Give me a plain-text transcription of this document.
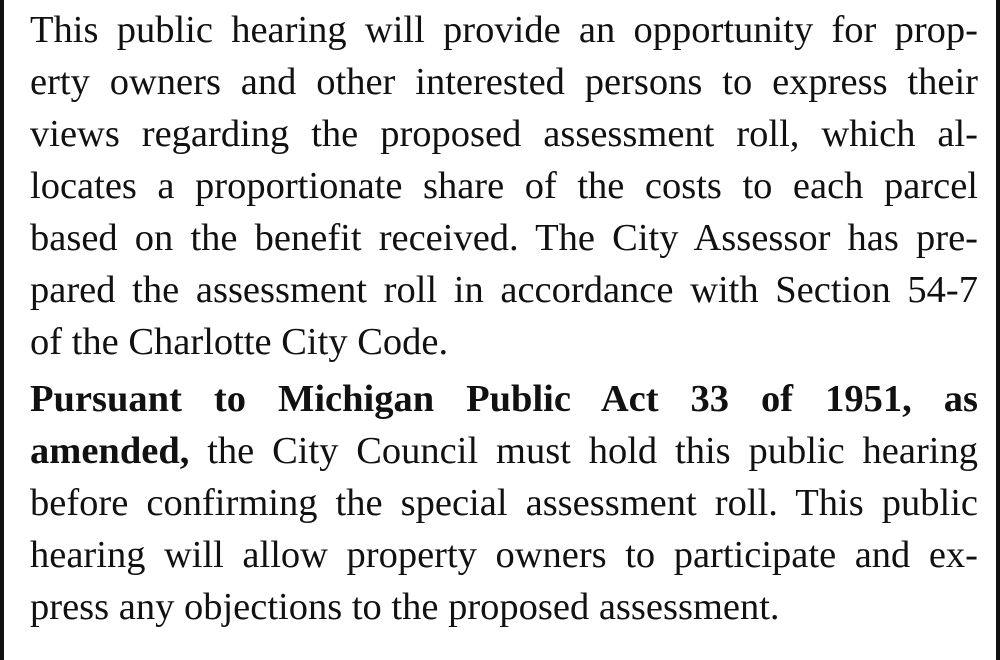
This public hearing will provide an opportunity for prop-
erty owners and other interested persons to express their
views regarding the proposed assessment roll, which al-
locates a proportionate share of the costs to each parcel
based on the benefit received. The City Assessor has pre-
pared the assessment roll in accordance with Section 54-7
of the Charlotte City Code.
Pursuant to Michigan Public Act 33 of 1951, as
amended, the City Council must hold this public hearing
before confirming the special assessment roll. This public
hearing will allow property owners to participate and ex-
press any objections to the proposed assessment.
